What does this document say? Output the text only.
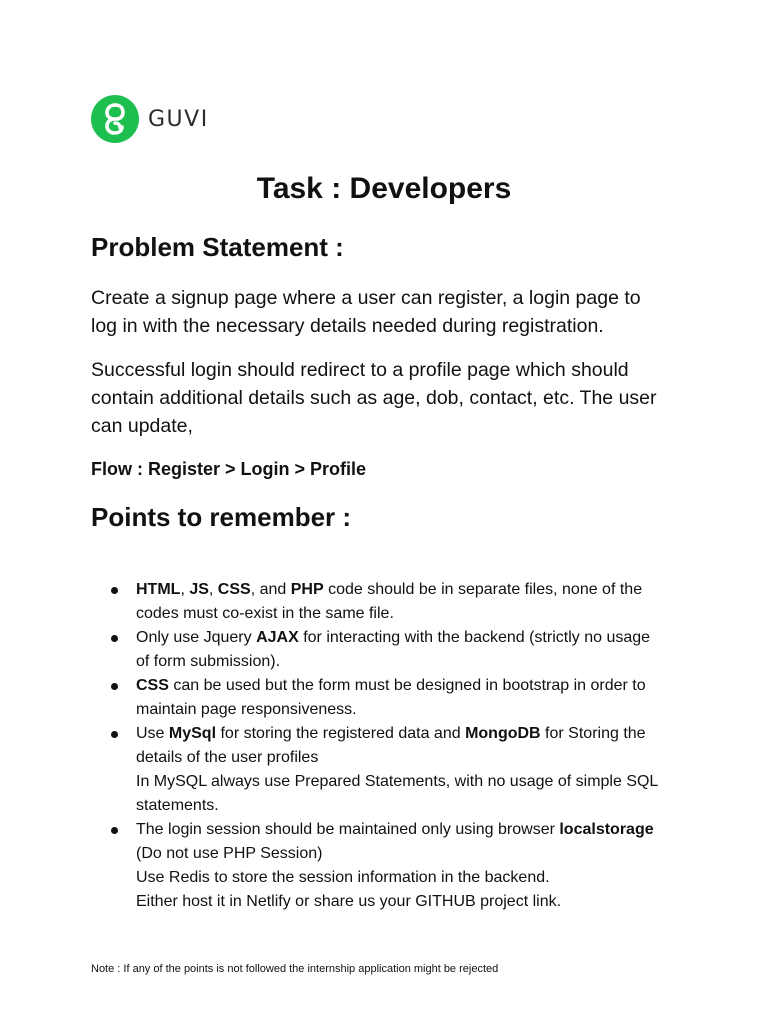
GUVI
Task : Developers
Problem Statement :

Create a signup page where a user can register, a login page to
log in with the necessary details needed during registration.

Successful login should redirect to a profile page which should
contain additional details such as age, dob, contact, etc. The user
can update,

Flow : Register > Login > Profile

Points to remember :
HTML, JS, CSS, and PHP code should be in separate files, none of the
codes must co-exist in the same file.
Only use Jquery AJAX for interacting with the backend (strictly no usage
of form submission).
CSS can be used but the form must be designed in bootstrap in order to
maintain page responsiveness.
Use MySql for storing the registered data and MongoDB for Storing the
details of the user profiles
In MySQL always use Prepared Statements, with no usage of simple SQL
statements.
The login session should be maintained only using browser localstorage
(Do not use PHP Session)
Use Redis to store the session information in the backend.
Either host it in Netlify or share us your GITHUB project link.

Note : If any of the points is not followed the internship application might be rejected
